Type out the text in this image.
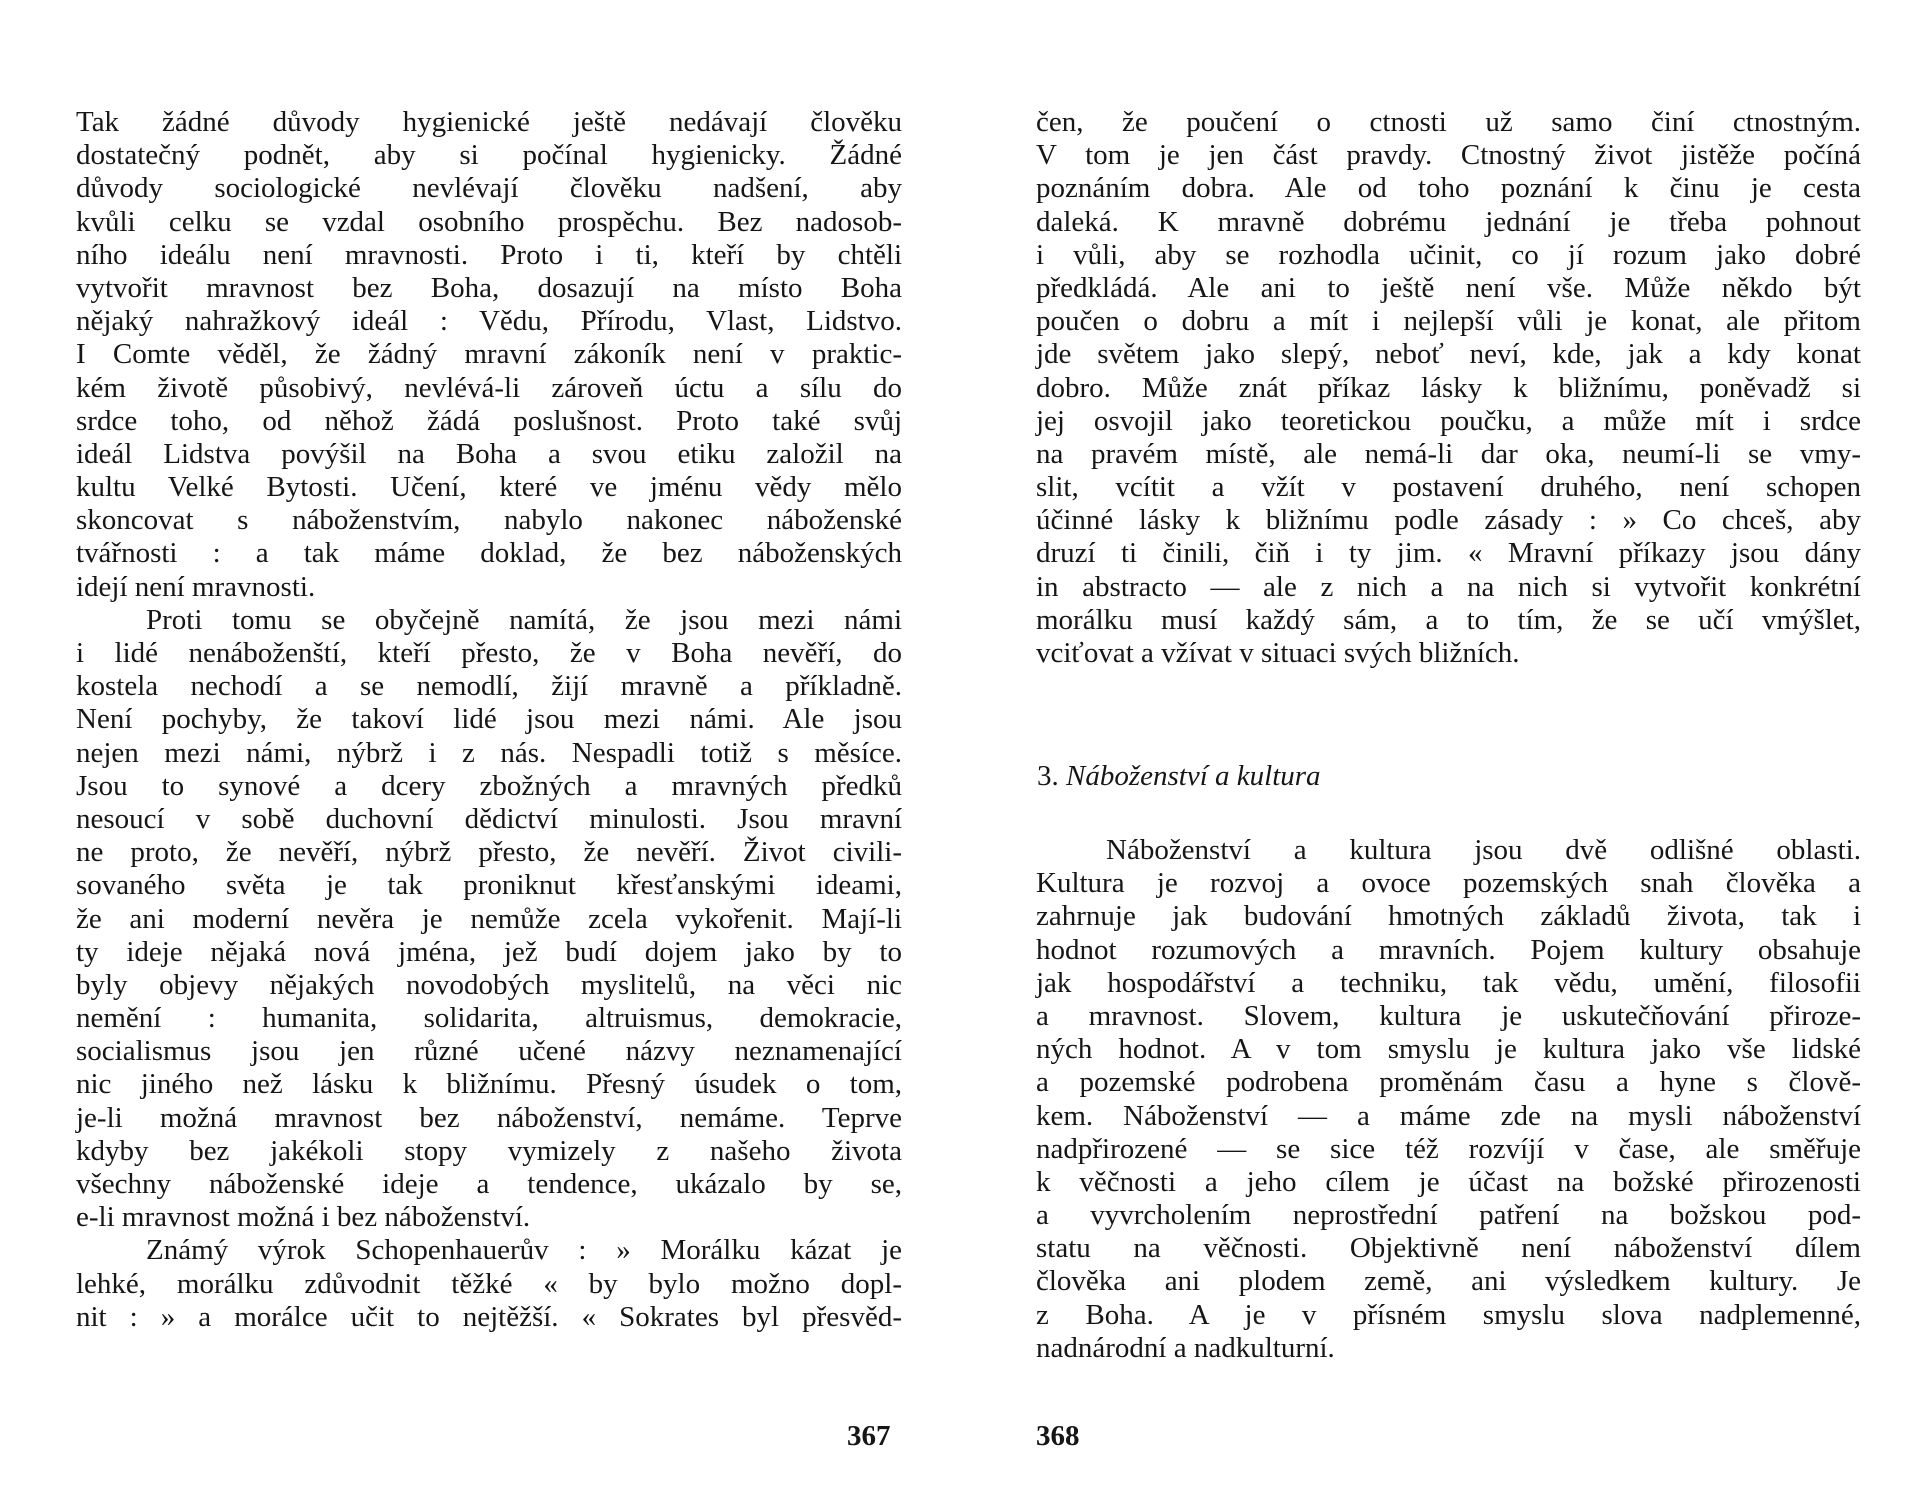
Tak žádné důvody hygienické ještě nedávají člověku
dostatečný podnět, aby si počínal hygienicky. Žádné
důvody sociologické nevlévají člověku nadšení, aby
kvůli celku se vzdal osobního prospěchu. Bez nadosob-
ního ideálu není mravnosti. Proto i ti, kteří by chtěli
vytvořit mravnost bez Boha, dosazují na místo Boha
nějaký nahražkový ideál : Vědu, Přírodu, Vlast, Lidstvo.
I Comte věděl, že žádný mravní zákoník není v praktic-
kém životě působivý, nevlévá-li zároveň úctu a sílu do
srdce toho, od něhož žádá poslušnost. Proto také svůj
ideál Lidstva povýšil na Boha a svou etiku založil na
kultu Velké Bytosti. Učení, které ve jménu vědy mělo
skoncovat s náboženstvím, nabylo nakonec náboženské
tvářnosti : a tak máme doklad, že bez náboženských
idejí není mravnosti.
Proti tomu se obyčejně namítá, že jsou mezi námi
i lidé nenáboženští, kteří přesto, že v Boha nevěří, do
kostela nechodí a se nemodlí, žijí mravně a příkladně.
Není pochyby, že takoví lidé jsou mezi námi. Ale jsou
nejen mezi námi, nýbrž i z nás. Nespadli totiž s měsíce.
Jsou to synové a dcery zbožných a mravných předků
nesoucí v sobě duchovní dědictví minulosti. Jsou mravní
ne proto, že nevěří, nýbrž přesto, že nevěří. Život civili-
sovaného světa je tak proniknut křesťanskými ideami,
že ani moderní nevěra je nemůže zcela vykořenit. Mají-li
ty ideje nějaká nová jména, jež budí dojem jako by to
byly objevy nějakých novodobých myslitelů, na věci nic
nemění : humanita, solidarita, altruismus, demokracie,
socialismus jsou jen různé učené názvy neznamenající
nic jiného než lásku k bližnímu. Přesný úsudek o tom,
je-li možná mravnost bez náboženství, nemáme. Teprve
kdyby bez jakékoli stopy vymizely z našeho života
všechny náboženské ideje a tendence, ukázalo by se,
e-li mravnost možná i bez náboženství.
Známý výrok Schopenhauerův : » Morálku kázat je
lehké, morálku zdůvodnit těžké « by bylo možno dopl-
nit : » a morálce učit to nejtěžší. « Sokrates byl přesvěd-
367
čen, že poučení o ctnosti už samo činí ctnostným.
V tom je jen část pravdy. Ctnostný život jistěže počíná
poznáním dobra. Ale od toho poznání k činu je cesta
daleká. K mravně dobrému jednání je třeba pohnout
i vůli, aby se rozhodla učinit, co jí rozum jako dobré
předkládá. Ale ani to ještě není vše. Může někdo být
poučen o dobru a mít i nejlepší vůli je konat, ale přitom
jde světem jako slepý, neboť neví, kde, jak a kdy konat
dobro. Může znát příkaz lásky k bližnímu, poněvadž si
jej osvojil jako teoretickou poučku, a může mít i srdce
na pravém místě, ale nemá-li dar oka, neumí-li se vmy-
slit, vcítit a vžít v postavení druhého, není schopen
účinné lásky k bližnímu podle zásady : » Co chceš, aby
druzí ti činili, čiň i ty jim. « Mravní příkazy jsou dány
in abstracto — ale z nich a na nich si vytvořit konkrétní
morálku musí každý sám, a to tím, že se učí vmýšlet,
vciťovat a vžívat v situaci svých bližních.
3. Náboženství a kultura
Náboženství a kultura jsou dvě odlišné oblasti.
Kultura je rozvoj a ovoce pozemských snah člověka a
zahrnuje jak budování hmotných základů života, tak i
hodnot rozumových a mravních. Pojem kultury obsahuje
jak hospodářství a techniku, tak vědu, umění, filosofii
a mravnost. Slovem, kultura je uskutečňování přiroze-
ných hodnot. A v tom smyslu je kultura jako vše lidské
a pozemské podrobena proměnám času a hyne s člově-
kem. Náboženství — a máme zde na mysli náboženství
nadpřirozené — se sice též rozvíjí v čase, ale směřuje
k věčnosti a jeho cílem je účast na božské přirozenosti
a vyvrcholením neprostřední patření na božskou pod-
statu na věčnosti. Objektivně není náboženství dílem
člověka ani plodem země, ani výsledkem kultury. Je
z Boha. A je v přísném smyslu slova nadplemenné,
nadnárodní a nadkulturní.
368
